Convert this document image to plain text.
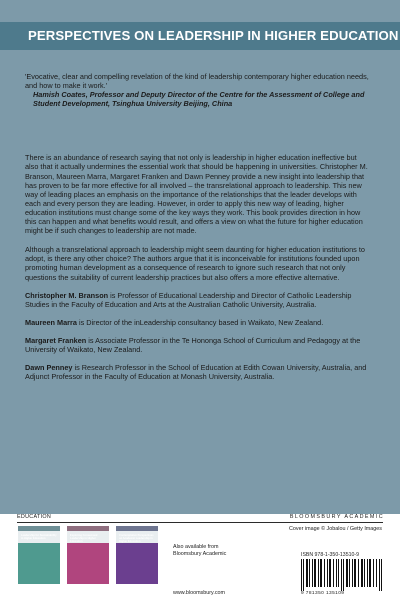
PERSPECTIVES ON LEADERSHIP IN HIGHER EDUCATION

'Evocative, clear and compelling revelation of the kind of leadership contemporary higher education needs, and how to make it work.'

Hamish Coates, Professor and Deputy Director of the Centre for the Assessment of College and Student Development, Tsinghua University Beijing, China

There is an abundance of research saying that not only is leadership in higher education ineffective but also that it actually undermines the essential work that should be happening in universities. Christopher M. Branson, Maureen Marra, Margaret Franken and Dawn Penney provide a new insight into leadership that has proven to be far more effective for all involved – the transrelational approach to leadership. This new way of leading places an emphasis on the importance of the relationships that the leader develops with each and every person they are leading. However, in order to apply this new way of leading, higher education institutions must change some of the key ways they work. This book provides direction in how this can happen and what benefits would result, and offers a view on what the future for higher education might be if such changes to leadership are not made.

Although a transrelational approach to leadership might seem daunting for higher education institutions to adopt, is there any other choice? The authors argue that it is inconceivable for institutions founded upon promoting human development as a consequence of research to ignore such research that not only questions the suitability of current leadership practices but also offers a more effective alternative.

Christopher M. Branson is Professor of Educational Leadership and Director of Catholic Leadership Studies in the Faculty of Education and Arts at the Australian Catholic University, Australia.

Maureen Marra is Director of the inLeadership consultancy based in Waikato, New Zealand.

Margaret Franken is Associate Professor in the Te Hononga School of Curriculum and Pedagogy at the University of Waikato, New Zealand.

Dawn Penney is Research Professor in the School of Education at Edith Cowan University, Australia, and Adjunct Professor in the Faculty of Education at Monash University, Australia.

EDUCATION	BLOOMSBURY ACADEMIC
Leadership for Sustainability in Higher Education
Exploring Consensual Leadership in Higher Education
Contemplative Perspectives on Academic Leadership in Higher Education
Also available from Bloomsbury Academic
www.bloomsbury.com
Cover image © Jobalou / Getty Images
ISBN 978-1-350-13510-9
9 781350 135109
